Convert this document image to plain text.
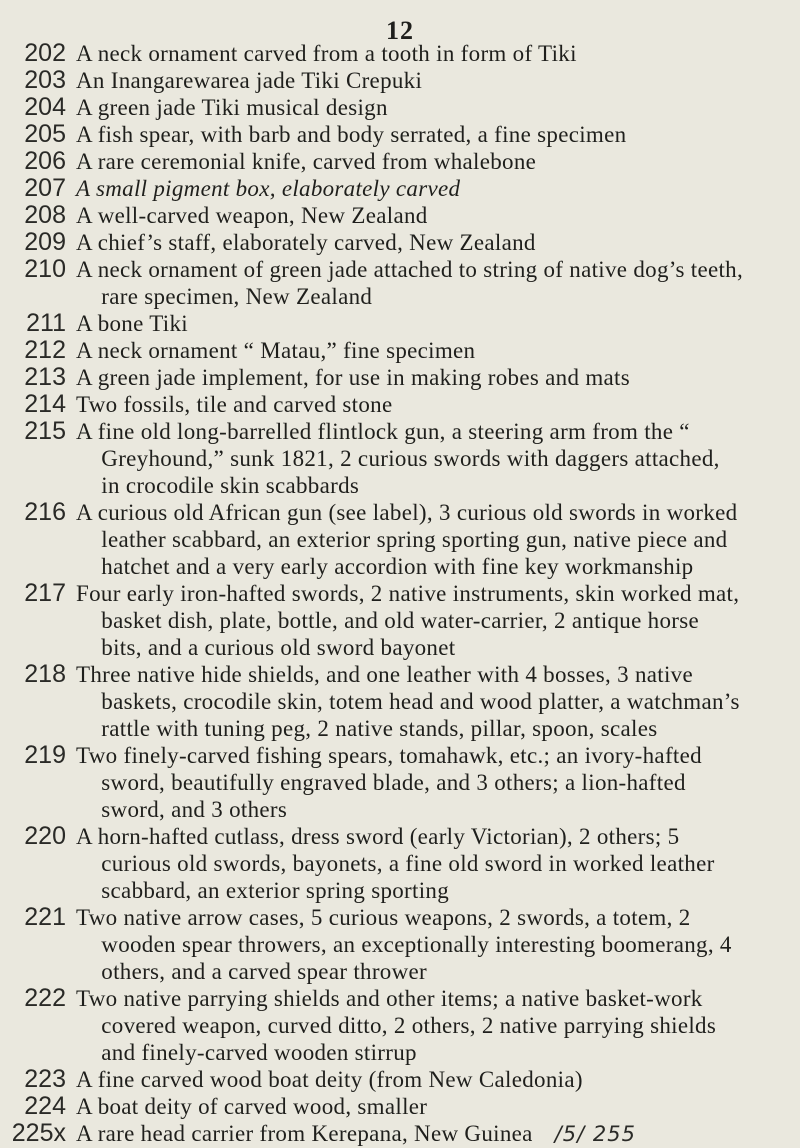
12
202 A neck ornament carved from a tooth in form of Tiki
203 An Inangarewarea jade Tiki Crepuki
204 A green jade Tiki musical design
205 A fish spear, with barb and body serrated, a fine specimen
206 A rare ceremonial knife, carved from whalebone
207 A small pigment box, elaborately carved
208 A well-carved weapon, New Zealand
209 A chief’s staff, elaborately carved, New Zealand
210 A neck ornament of green jade attached to string of native dog’s teeth, rare specimen, New Zealand
211 A bone Tiki
212 A neck ornament “ Matau,” fine specimen
213 A green jade implement, for use in making robes and mats
214 Two fossils, tile and carved stone
215 A fine old long-barrelled flintlock gun, a steering arm from the “ Greyhound,” sunk 1821, 2 curious swords with daggers attached, in crocodile skin scabbards
216 A curious old African gun (see label), 3 curious old swords in worked leather scabbard, an exterior spring sporting gun, native piece and hatchet and a very early accordion with fine key workmanship
217 Four early iron-hafted swords, 2 native instruments, skin worked mat, basket dish, plate, bottle, and old water-carrier, 2 antique horse bits, and a curious old sword bayonet
218 Three native hide shields, and one leather with 4 bosses, 3 native baskets, crocodile skin, totem head and wood platter, a watchman’s rattle with tuning peg, 2 native stands, pillar, spoon, scales
219 Two finely-carved fishing spears, tomahawk, etc.; an ivory-hafted sword, beautifully engraved blade, and 3 others; a lion-hafted sword, and 3 others
220 A horn-hafted cutlass, dress sword (early Victorian), 2 others; 5 curious old swords, bayonets, a fine old sword in worked leather scabbard, an exterior spring sporting
221 Two native arrow cases, 5 curious weapons, 2 swords, a totem, 2 wooden spear throwers, an exceptionally interesting boomerang, 4 others, and a carved spear thrower
222 Two native parrying shields and other items; a native basket-work covered weapon, curved ditto, 2 others, 2 native parrying shields and finely-carved wooden stirrup
223 A fine carved wood boat deity (from New Caledonia)
224 A boat deity of carved wood, smaller
225x A rare head carrier from Kerepana, New Guinea /5/ 255
